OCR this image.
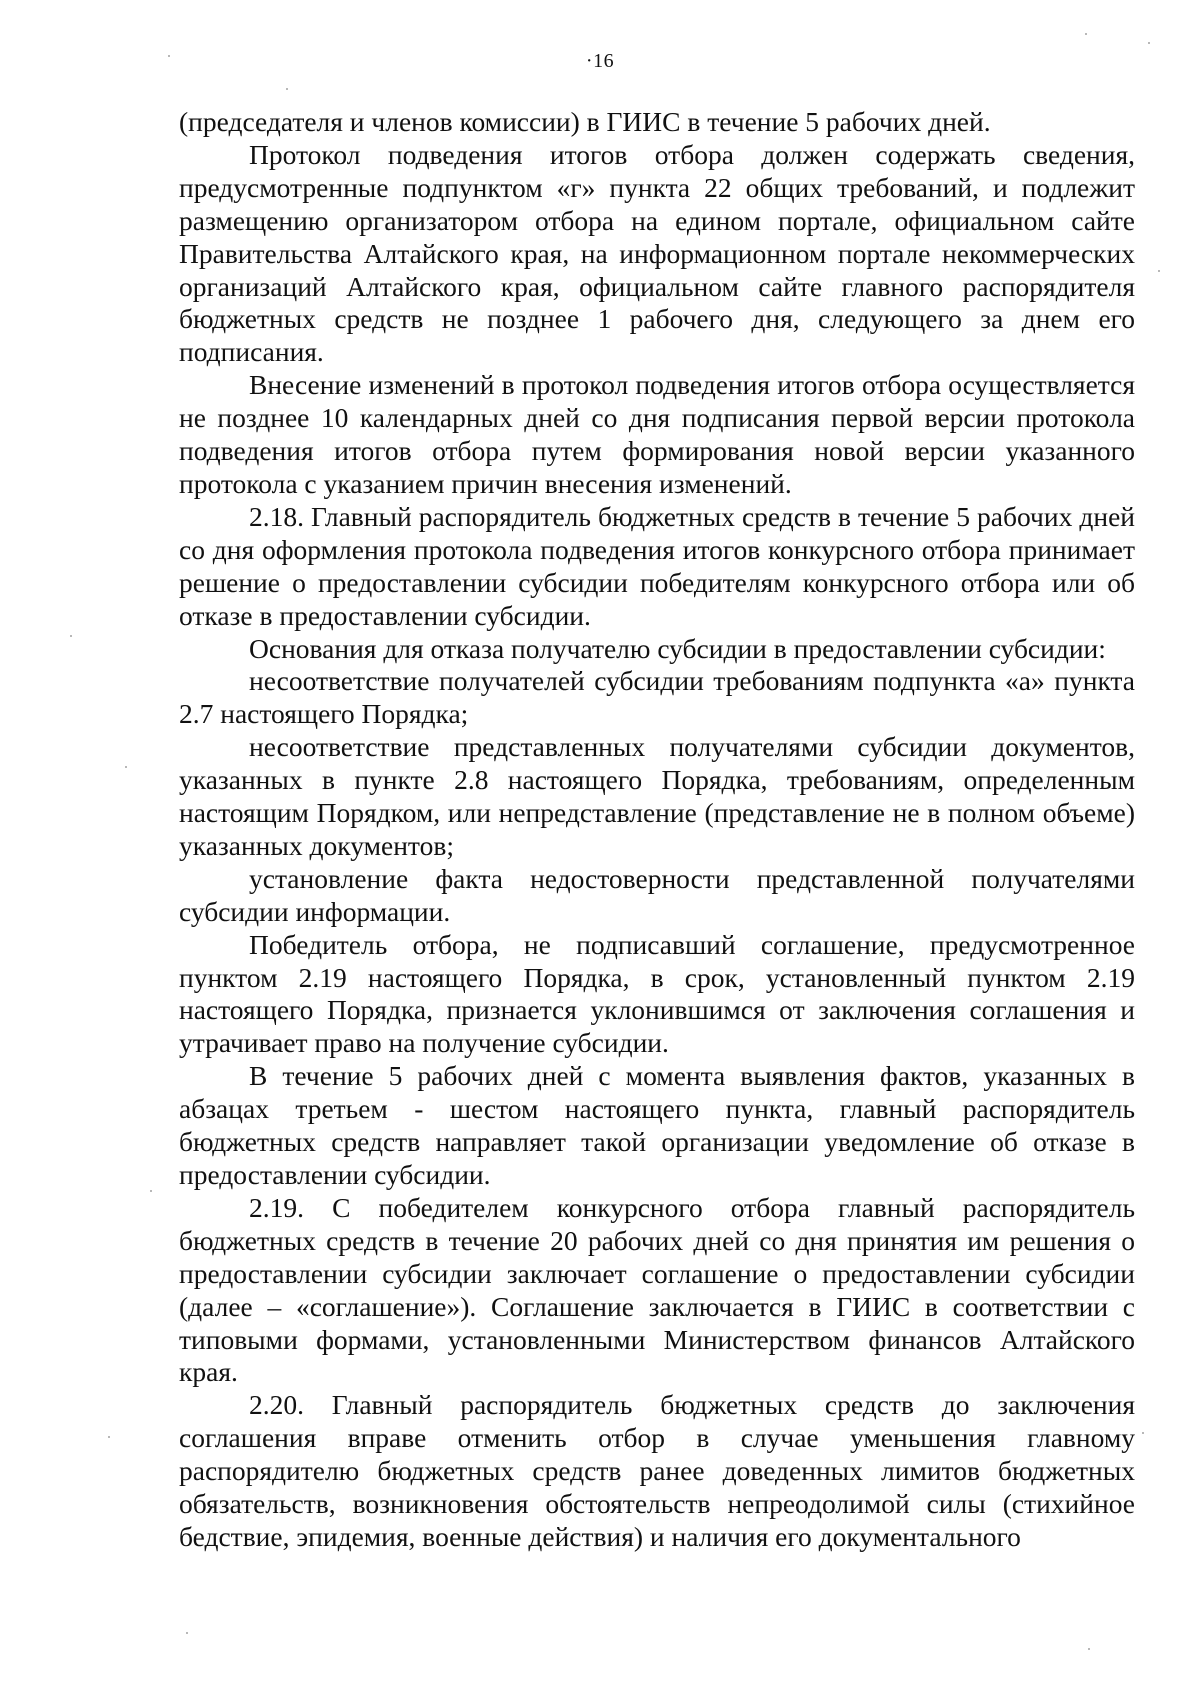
·16

(председателя и членов комиссии) в ГИИС в течение 5 рабочих дней.

Протокол подведения итогов отбора должен содержать сведения, предусмотренные подпунктом «г» пункта 22 общих требований, и подлежит размещению организатором отбора на едином портале, официальном сайте Правительства Алтайского края, на информационном портале некоммерческих организаций Алтайского края, официальном сайте главного распорядителя бюджетных средств не позднее 1 рабочего дня, следующего за днем его подписания.

Внесение изменений в протокол подведения итогов отбора осуществляется не позднее 10 календарных дней со дня подписания первой версии протокола подведения итогов отбора путем формирования новой версии указанного протокола с указанием причин внесения изменений.

2.18. Главный распорядитель бюджетных средств в течение 5 рабочих дней со дня оформления протокола подведения итогов конкурсного отбора принимает решение о предоставлении субсидии победителям конкурсного отбора или об отказе в предоставлении субсидии.

Основания для отказа получателю субсидии в предоставлении субсидии:

несоответствие получателей субсидии требованиям подпункта «а» пункта 2.7 настоящего Порядка;

несоответствие представленных получателями субсидии документов, указанных в пункте 2.8 настоящего Порядка, требованиям, определенным настоящим Порядком, или непредставление (представление не в полном объеме) указанных документов;

установление факта недостоверности представленной получателями субсидии информации.

Победитель отбора, не подписавший соглашение, предусмотренное пунктом 2.19 настоящего Порядка, в срок, установленный пунктом 2.19 настоящего Порядка, признается уклонившимся от заключения соглашения и утрачивает право на получение субсидии.

В течение 5 рабочих дней с момента выявления фактов, указанных в абзацах третьем - шестом настоящего пункта, главный распорядитель бюджетных средств направляет такой организации уведомление об отказе в предоставлении субсидии.

2.19. С победителем конкурсного отбора главный распорядитель бюджетных средств в течение 20 рабочих дней со дня принятия им решения о предоставлении субсидии заключает соглашение о предоставлении субсидии (далее – «соглашение»). Соглашение заключается в ГИИС в соответствии с типовыми формами, установленными Министерством финансов Алтайского края.

2.20. Главный распорядитель бюджетных средств до заключения соглашения вправе отменить отбор в случае уменьшения главному распорядителю бюджетных средств ранее доведенных лимитов бюджетных обязательств, возникновения обстоятельств непреодолимой силы (стихийное бедствие, эпидемия, военные действия) и наличия его документального
